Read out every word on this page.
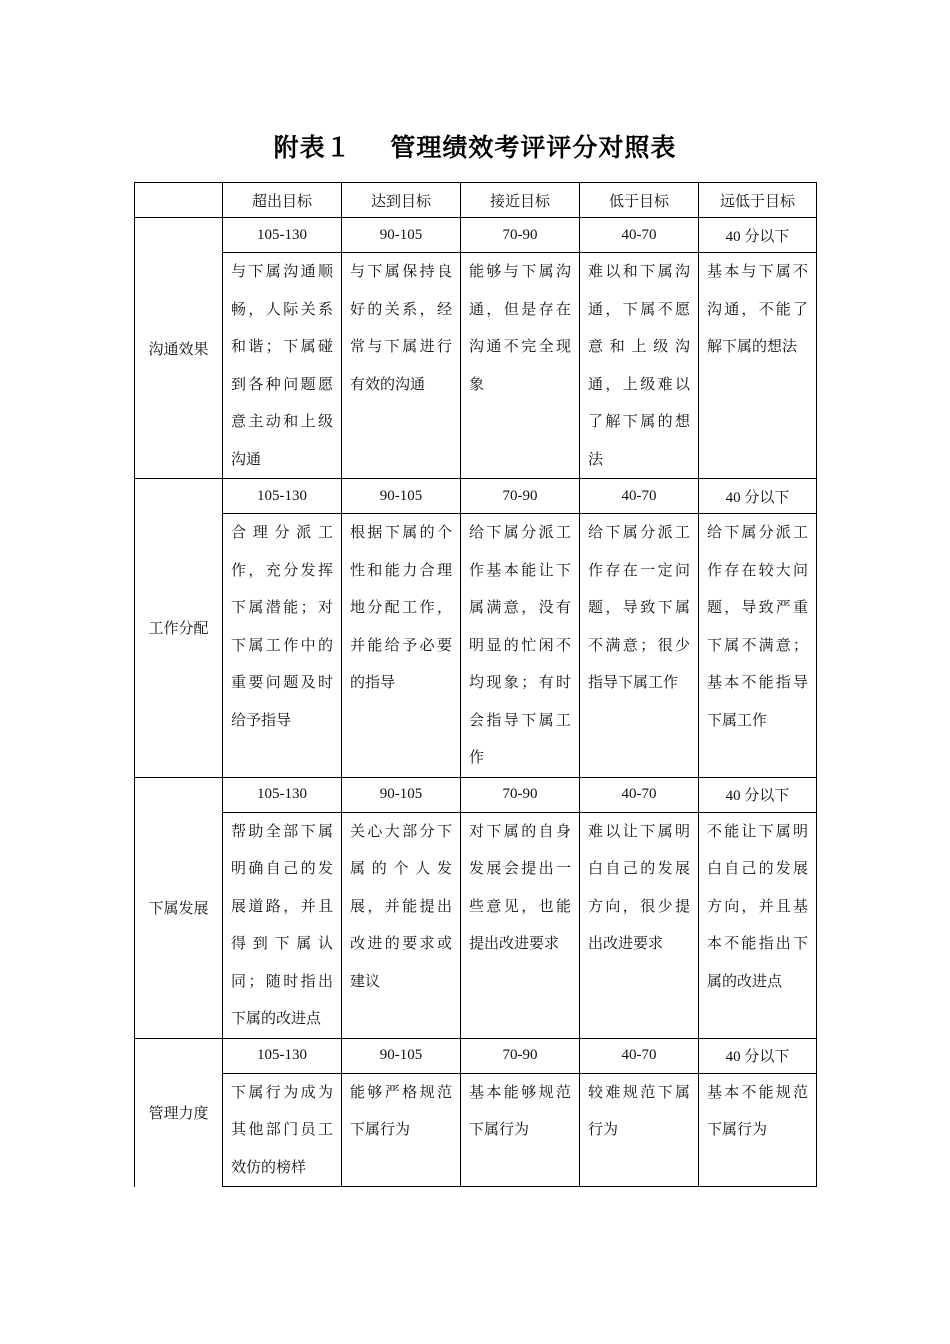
附表１    管理绩效考评评分对照表
	超出目标	达到目标	接近目标	低于目标	远低于目标
沟通效果	105-130	90-105	70-90	40-70	40 分以下
	与下属沟通顺畅，人际关系和谐；下属碰到各种问题愿意主动和上级沟通	与下属保持良好的关系，经常与下属进行有效的沟通	能够与下属沟通，但是存在沟通不完全现象	难以和下属沟通，下属不愿意和上级沟通，上级难以了解下属的想法	基本与下属不沟通，不能了解下属的想法
工作分配	105-130	90-105	70-90	40-70	40 分以下
	合理分派工作，充分发挥下属潜能；对下属工作中的重要问题及时给予指导	根据下属的个性和能力合理地分配工作，并能给予必要的指导	给下属分派工作基本能让下属满意，没有明显的忙闲不均现象；有时会指导下属工作	给下属分派工作存在一定问题，导致下属不满意；很少指导下属工作	给下属分派工作存在较大问题，导致严重下属不满意；基本不能指导下属工作
下属发展	105-130	90-105	70-90	40-70	40 分以下
	帮助全部下属明确自己的发展道路，并且得到下属认同；随时指出下属的改进点	关心大部分下属的个人发展，并能提出改进的要求或建议	对下属的自身发展会提出一些意见，也能提出改进要求	难以让下属明白自己的发展方向，很少提出改进要求	不能让下属明白自己的发展方向，并且基本不能指出下属的改进点
管理力度	105-130	90-105	70-90	40-70	40 分以下
	下属行为成为其他部门员工效仿的榜样	能够严格规范下属行为	基本能够规范下属行为	较难规范下属行为	基本不能规范下属行为
